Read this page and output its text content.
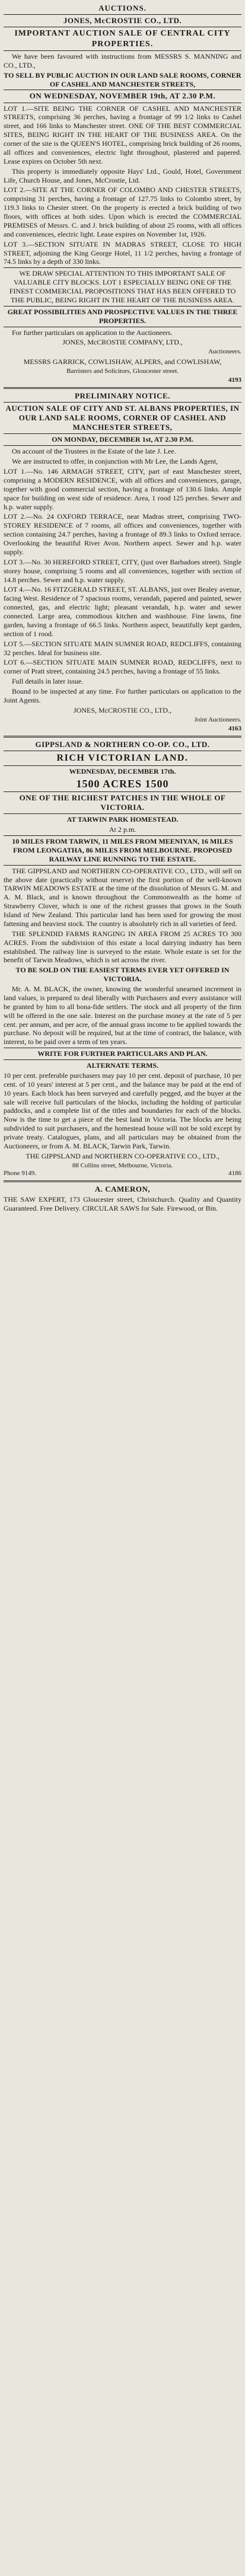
AUCTIONS.
JONES, McCROSTIE CO., LTD.
IMPORTANT AUCTION SALE OF CENTRAL CITY PROPERTIES.

We have been favoured with instructions from MESSRS S. MANNING and CO., LTD.,

TO SELL BY PUBLIC AUCTION IN OUR LAND SALE ROOMS, CORNER OF CASHEL AND MANCHESTER STREETS,
ON WEDNESDAY, NOVEMBER 19th, AT 2.30 P.M.

LOT 1.—SITE BEING THE CORNER OF CASHEL AND MANCHESTER STREETS, comprising 36 perches, having a frontage of 99 1/2 links to Cashel street, and 166 links to Manchester street. ONE OF THE BEST COMMERCIAL SITES, BEING RIGHT IN THE HEART OF THE BUSINESS AREA. On the corner of the site is the QUEEN'S HOTEL, comprising brick building of 26 rooms, all offices and conveniences, electric light throughout, plastered and papered. Lease expires on October 5th next.

This property is immediately opposite Hays' Ltd., Gould, Hotel, Government Life, Church House, and Jones, McCrostie, Ltd.

LOT 2.—SITE AT THE CORNER OF COLOMBO AND CHESTER STREETS, comprising 31 perches, having a frontage of 127.75 links to Colombo street, by 119.3 links to Chester street. On the property is erected a brick building of two floors, with offices at both sides. Upon which is erected the COMMERCIAL PREMISES of Messrs. C. and J. brick building of about 25 rooms, with all offices and conveniences, electric light. Lease expires on November 1st, 1926.

LOT 3.—SECTION SITUATE IN MADRAS STREET, CLOSE TO HIGH STREET, adjoining the King George Hotel, 11 1/2 perches, having a frontage of 74.5 links by a depth of 330 links.

WE DRAW SPECIAL ATTENTION TO THIS IMPORTANT SALE OF VALUABLE CITY BLOCKS. LOT 1 ESPECIALLY BEING ONE OF THE FINEST COMMERCIAL PROPOSITIONS THAT HAS BEEN OFFERED TO THE PUBLIC, BEING RIGHT IN THE HEART OF THE BUSINESS AREA.

GREAT POSSIBILITIES AND PROSPECTIVE VALUES IN THE THREE PROPERTIES.

For further particulars on application to the Auctioneers.

JONES, McCROSTIE COMPANY, LTD.,
Auctioneers.
MESSRS GARRICK, COWLISHAW, ALPERS, and COWLISHAW,
Barristers and Solicitors, Gloucester street.
4193
PRELIMINARY NOTICE.
AUCTION SALE OF CITY AND ST. ALBANS PROPERTIES, IN OUR LAND SALE ROOMS, CORNER OF CASHEL AND MANCHESTER STREETS,
ON MONDAY, DECEMBER 1st, AT 2.30 P.M.

On account of the Trustees in the Estate of the late J. Lee.

We are instructed to offer, in conjunction with Mr Lee, the Lands Agent,

LOT 1.—No. 146 ARMAGH STREET, CITY, part of east Manchester street, comprising a MODERN RESIDENCE, with all offices and conveniences, garage, together with good commercial section, having a frontage of 130.6 links. Ample space for building on west side of residence. Area, 1 rood 125 perches. Sewer and h.p. water supply.

LOT 2.—No. 24 OXFORD TERRACE, near Madras street, comprising TWO-STOREY RESIDENCE of 7 rooms, all offices and conveniences, together with section containing 24.7 perches, having a frontage of 89.3 links to Oxford terrace. Overlooking the beautiful River Avon. Northern aspect. Sewer and h.p. water supply.

LOT 3.—No. 30 HEREFORD STREET, CITY, (just over Barbadoes street). Single storey house, comprising 5 rooms and all conveniences, together with section of 14.8 perches. Sewer and h.p. water supply.

LOT 4.—No. 16 FITZGERALD STREET, ST. ALBANS, just over Bealey avenue, facing West. Residence of 7 spacious rooms, verandah, papered and painted, sewer connected, gas, and electric light; pleasant verandah, h.p. water and sewer connected. Large area, commodious kitchen and washhouse. Fine lawns, fine garden, having a frontage of 66.5 links. Northern aspect, beautifully kept garden, section of 1 rood.

LOT 5.—SECTION SITUATE MAIN SUMNER ROAD, REDCLIFFS, containing 32 perches. Ideal for business site.

LOT 6.—SECTION SITUATE MAIN SUMNER ROAD, REDCLIFFS, next to corner of Pratt street, containing 24.5 perches, having a frontage of 55 links.

Full details in later issue.

Bound to be inspected at any time. For further particulars on application to the Joint Agents.

JONES, McCROSTIE CO., LTD.,
Joint Auctioneers.
4163
GIPPSLAND & NORTHERN CO-OP. CO., LTD.
RICH VICTORIAN LAND.
WEDNESDAY, DECEMBER 17th.
1500 ACRES 1500
ONE OF THE RICHEST PATCHES IN THE WHOLE OF VICTORIA.
AT TARWIN PARK HOMESTEAD.
At 2 p.m.
10 MILES FROM TARWIN, 11 MILES FROM MEENIYAN, 16 MILES FROM LEONGATHA, 86 MILES FROM MELBOURNE. PROPOSED RAILWAY LINE RUNNING TO THE ESTATE.

THE GIPPSLAND and NORTHERN CO-OPERATIVE CO., LTD., will sell on the above date (practically without reserve) the first portion of the well-known TARWIN MEADOWS ESTATE at the time of the dissolution of Messrs G. M. and A. M. Black, and is known throughout the Commonwealth as the home of Strawberry Clover, which is one of the richest grasses that grows in the South Island of New Zealand. This particular land has been used for growing the most fattening and heaviest stock. The country is absolutely rich in all varieties of feed.

THE SPLENDID FARMS RANGING IN AREA FROM 25 ACRES TO 300 ACRES. From the subdivision of this estate a local dairying industry has been established. The railway line is surveyed to the estate. Whole estate is set for the benefit of Tarwin Meadows, which is set across the river.

TO BE SOLD ON THE EASIEST TERMS EVER YET OFFERED IN VICTORIA.

Mr. A. M. BLACK, the owner, knowing the wonderful unearned increment in land values, is prepared to deal liberally with Purchasers and every assistance will be granted by him to all bona-fide settlers. The stock and all property of the firm will be offered in the one sale. Interest on the purchase money at the rate of 5 per cent. per annum, and per acre, of the annual grass income to be applied towards the purchase. No deposit will be required, but at the time of contract, the balance, with interest, to be paid over a term of ten years.

WRITE FOR FURTHER PARTICULARS AND PLAN.
ALTERNATE TERMS.

10 per cent. preferable purchasers may pay 10 per cent. deposit of purchase, 10 per cent. of 10 years' interest at 5 per cent., and the balance may be paid at the end of 10 years. Each block has been surveyed and carefully pegged, and the buyer at the sale will receive full particulars of the blocks, including the holding of particular paddocks, and a complete list of the titles and boundaries for each of the blocks. Now is the time to get a piece of the best land in Victoria. The blocks are being subdivided to suit purchasers, and the homestead house will not be sold except by private treaty. Catalogues, plans, and all particulars may be obtained from the Auctioneers, or from A. M. BLACK, Tarwin Park, Tarwin.

THE GIPPSLAND and NORTHERN CO-OPERATIVE CO., LTD.,
88 Collins street, Melbourne, Victoria.
Phone 9149.	4186
A. CAMERON,

THE SAW EXPERT, 173 Gloucester street, Christchurch. Quality and Quantity Guaranteed. Free Delivery. CIRCULAR SAWS for Sale. Firewood, or Bin.
